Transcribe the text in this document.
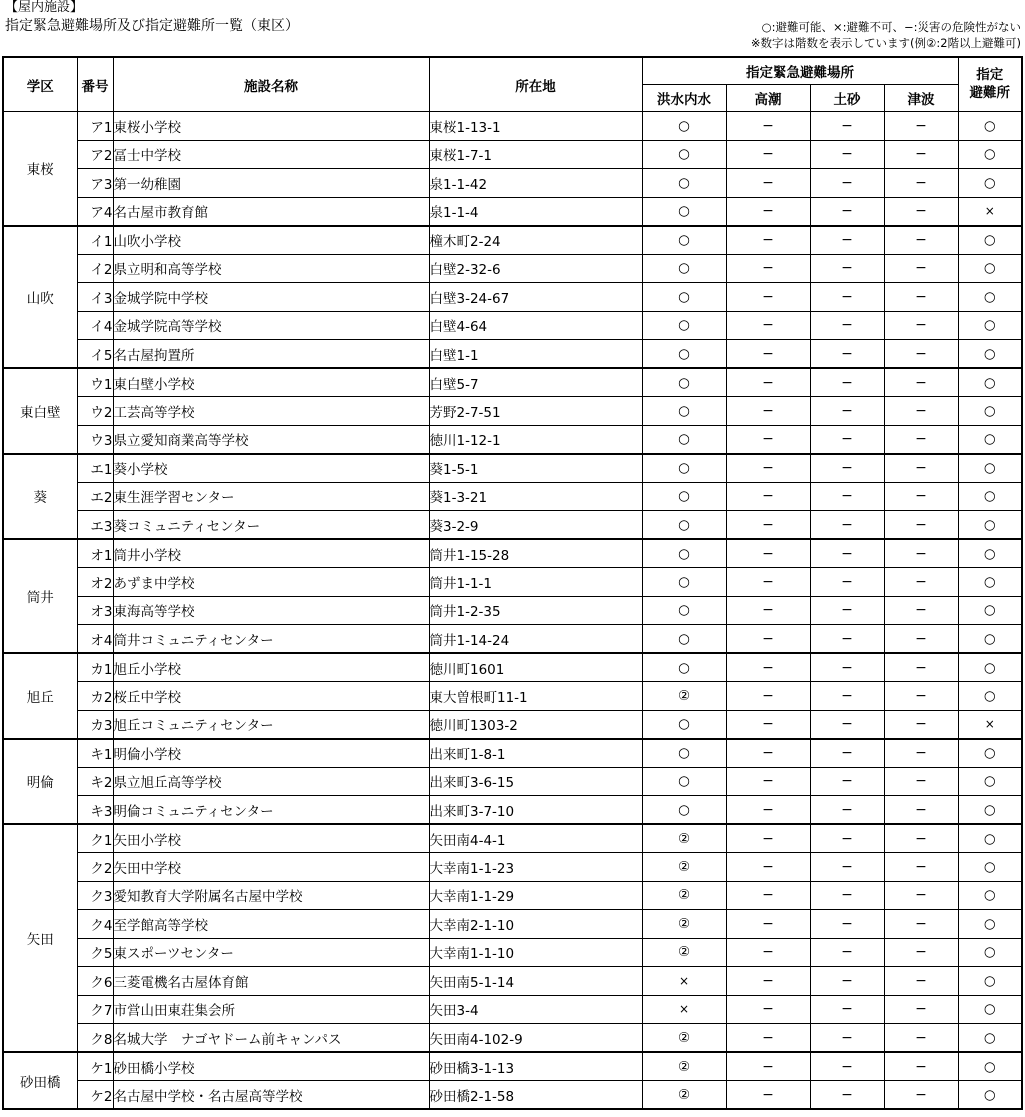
【屋内施設】
指定緊急避難場所及び指定避難所一覧（東区）	○:避難可能、×:避難不可、−:災害の危険性がない
※数字は階数を表示しています(例②:2階以上避難可)
学区	番号	施設名称	所在地	指定緊急避難場所				指定
避難所
				洪水内水	高潮	土砂	津波	
東桜	ア1	東桜小学校	東桜1-13-1	○	−	−	−	○
	ア2	冨士中学校	東桜1-7-1	○	−	−	−	○
	ア3	第一幼稚園	泉1-1-42	○	−	−	−	○
	ア4	名古屋市教育館	泉1-1-4	○	−	−	−	×
山吹	イ1	山吹小学校	橦木町2-24	○	−	−	−	○
	イ2	県立明和高等学校	白壁2-32-6	○	−	−	−	○
	イ3	金城学院中学校	白壁3-24-67	○	−	−	−	○
	イ4	金城学院高等学校	白壁4-64	○	−	−	−	○
	イ5	名古屋拘置所	白壁1-1	○	−	−	−	○
東白壁	ウ1	東白壁小学校	白壁5-7	○	−	−	−	○
	ウ2	工芸高等学校	芳野2-7-51	○	−	−	−	○
	ウ3	県立愛知商業高等学校	徳川1-12-1	○	−	−	−	○
葵	エ1	葵小学校	葵1-5-1	○	−	−	−	○
	エ2	東生涯学習センター	葵1-3-21	○	−	−	−	○
	エ3	葵コミュニティセンター	葵3-2-9	○	−	−	−	○
筒井	オ1	筒井小学校	筒井1-15-28	○	−	−	−	○
	オ2	あずま中学校	筒井1-1-1	○	−	−	−	○
	オ3	東海高等学校	筒井1-2-35	○	−	−	−	○
	オ4	筒井コミュニティセンター	筒井1-14-24	○	−	−	−	○
旭丘	カ1	旭丘小学校	徳川町1601	○	−	−	−	○
	カ2	桜丘中学校	東大曽根町11-1	②	−	−	−	○
	カ3	旭丘コミュニティセンター	徳川町1303-2	○	−	−	−	×
明倫	キ1	明倫小学校	出来町1-8-1	○	−	−	−	○
	キ2	県立旭丘高等学校	出来町3-6-15	○	−	−	−	○
	キ3	明倫コミュニティセンター	出来町3-7-10	○	−	−	−	○
矢田	ク1	矢田小学校	矢田南4-4-1	②	−	−	−	○
	ク2	矢田中学校	大幸南1-1-23	②	−	−	−	○
	ク3	愛知教育大学附属名古屋中学校	大幸南1-1-29	②	−	−	−	○
	ク4	至学館高等学校	大幸南2-1-10	②	−	−	−	○
	ク5	東スポーツセンター	大幸南1-1-10	②	−	−	−	○
	ク6	三菱電機名古屋体育館	矢田南5-1-14	×	−	−	−	○
	ク7	市営山田東荘集会所	矢田3-4	×	−	−	−	○
	ク8	名城大学　ナゴヤドーム前キャンパス	矢田南4-102-9	②	−	−	−	○
砂田橋	ケ1	砂田橋小学校	砂田橋3-1-13	②	−	−	−	○
	ケ2	名古屋中学校・名古屋高等学校	砂田橋2-1-58	②	−	−	−	○
